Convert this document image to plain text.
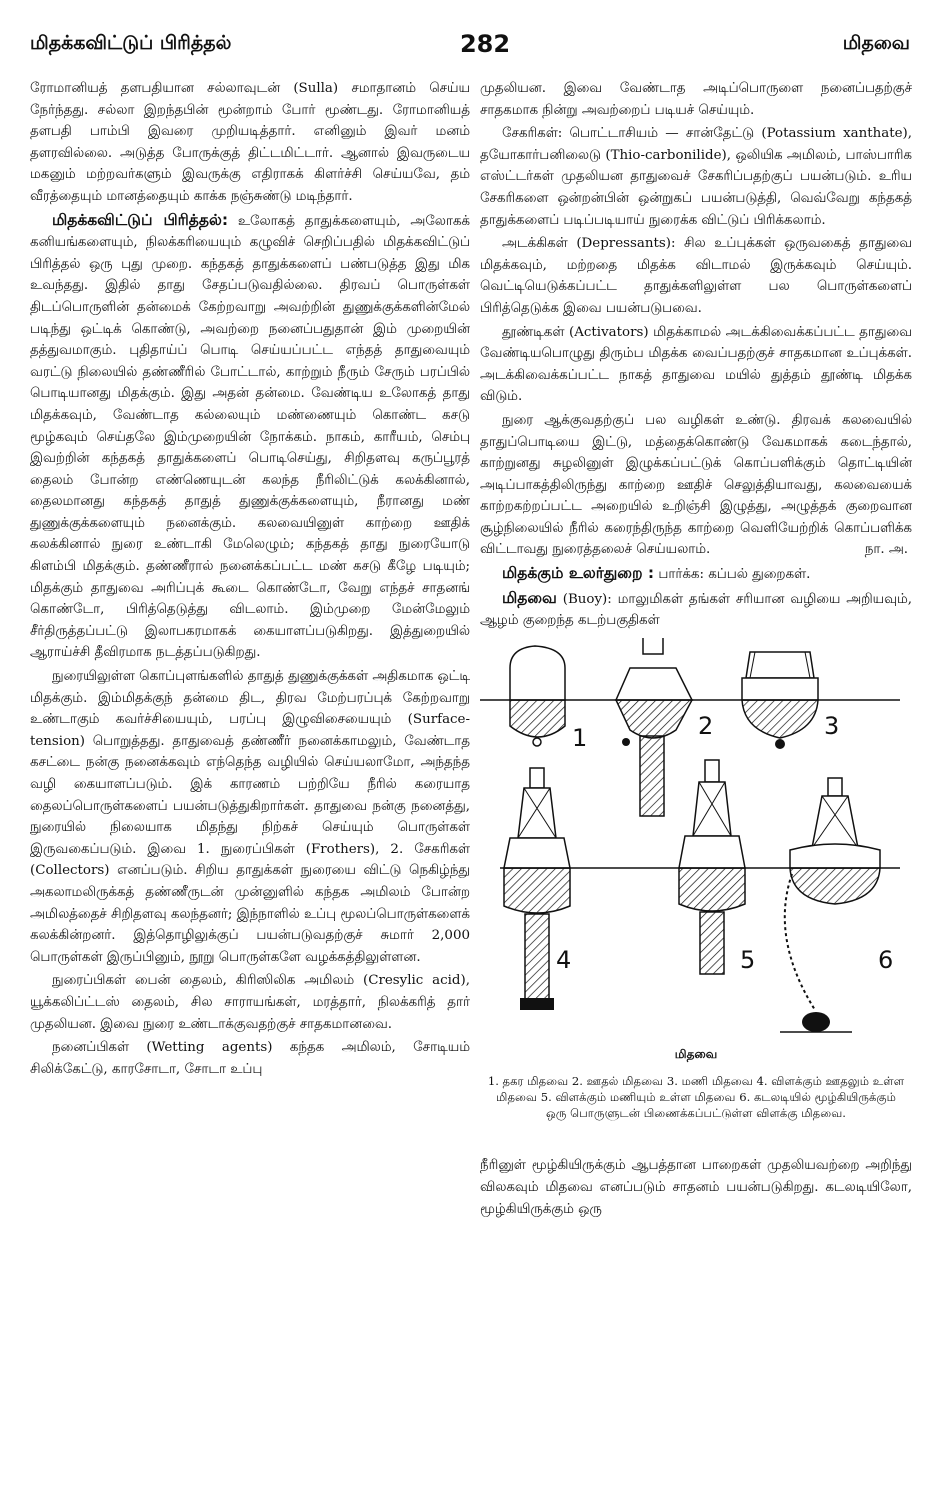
மிதக்கவிட்டுப் பிரித்தல்	282	மிதவை

ரோமானியத் தளபதியான சல்லாவுடன் (Sulla) சமாதானம் செய்ய நேர்ந்தது. சல்லா இறந்தபின் மூன்றாம் போர் மூண்டது. ரோமானியத் தளபதி பாம்பி இவரை முறியடித்தார். எனினும் இவர் மனம் தளரவில்லை. அடுத்த போருக்குத் திட்டமிட்டார். ஆனால் இவருடைய மகனும் மற்றவர்களும் இவருக்கு எதிராகக் கிளர்ச்சி செய்யவே, தம் வீரத்தையும் மானத்தையும் காக்க நஞ்சுண்டு மடிந்தார்.

மிதக்கவிட்டுப் பிரித்தல்: உலோகத் தாதுக்களையும், அலோகக் கனியங்களையும், நிலக்கரியையும் கழுவிச் செறிப்பதில் மிதக்கவிட்டுப் பிரித்தல் ஒரு புது முறை. கந்தகத் தாதுக்களைப் பண்படுத்த இது மிக உவந்தது. இதில் தாது சேதப்படுவதில்லை. திரவப் பொருள்கள் திடப்பொருளின் தன்மைக் கேற்றவாறு அவற்றின் துணுக்குக்களின்மேல் படிந்து ஒட்டிக் கொண்டு, அவற்றை நனைப்பதுதான் இம் முறையின் தத்துவமாகும். புதிதாய்ப் பொடி செய்யப்பட்ட எந்தத் தாதுவையும் வரட்டு நிலையில் தண்ணீரில் போட்டால், காற்றும் நீரும் சேரும் பரப்பில் பொடியானது மிதக்கும். இது அதன் தன்மை. வேண்டிய உலோகத் தாது மிதக்கவும், வேண்டாத கல்லையும் மண்ணையும் கொண்ட கசடு மூழ்கவும் செய்தலே இம்முறையின் நோக்கம். நாகம், காரீயம், செம்பு இவற்றின் கந்தகத் தாதுக்களைப் பொடிசெய்து, சிறிதளவு கருப்பூரத் தைலம் போன்ற எண்ணெயுடன் கலந்த நீரிலிட்டுக் கலக்கினால், தைலமானது கந்தகத் தாதுத் துணுக்குக்களையும், நீரானது மண் துணுக்குக்களையும் நனைக்கும். கலவையினுள் காற்றை ஊதிக் கலக்கினால் நுரை உண்டாகி மேலெழும்; கந்தகத் தாது நுரையோடு கிளம்பி மிதக்கும். தண்ணீரால் நனைக்கப்பட்ட மண் கசடு கீழே படியும்; மிதக்கும் தாதுவை அரிப்புக் கூடை கொண்டோ, வேறு எந்தச் சாதனங் கொண்டோ, பிரித்தெடுத்து விடலாம். இம்முறை மேன்மேலும் சீர்திருத்தப்பட்டு இலாபகரமாகக் கையாளப்படுகிறது. இத்துறையில் ஆராய்ச்சி தீவிரமாக நடத்தப்படுகிறது.

நுரையிலுள்ள கொப்புளங்களில் தாதுத் துணுக்குக்கள் அதிகமாக ஒட்டி மிதக்கும். இம்மிதக்குந் தன்மை திட, திரவ மேற்பரப்புக் கேற்றவாறு உண்டாகும் கவர்ச்சியையும், பரப்பு இழுவிசையையும் (Surface-tension) பொறுத்தது. தாதுவைத் தண்ணீர் நனைக்காமலும், வேண்டாத கசட்டை நன்கு நனைக்கவும் எந்தெந்த வழியில் செய்யலாமோ, அந்தந்த வழி கையாளப்படும். இக் காரணம் பற்றியே நீரில் கரையாத தைலப்பொருள்களைப் பயன்படுத்துகிறார்கள். தாதுவை நன்கு நனைத்து, நுரையில் நிலையாக மிதந்து நிற்கச் செய்யும் பொருள்கள் இருவகைப்படும். இவை 1. நுரைப்பிகள் (Frothers), 2. சேகரிகள் (Collectors) எனப்படும். சிறிய தாதுக்கள் நுரையை விட்டு நெகிழ்ந்து அகலாமலிருக்கத் தண்ணீருடன் முன்னுளில் கந்தக அமிலம் போன்ற அமிலத்தைச் சிறிதளவு கலந்தனர்; இந்நாளில் உப்பு மூலப்பொருள்களைக் கலக்கின்றனர். இத்தொழிலுக்குப் பயன்படுவதற்குச் சுமார் 2,000 பொருள்கள் இருப்பினும், நூறு பொருள்களே வழக்கத்திலுள்ளன.

நுரைப்பிகள் பைன் தைலம், கிரிஸிலிக அமிலம் (Cresylic acid), யூக்கலிப்ட்டஸ் தைலம், சில சாராயங்கள், மரத்தார், நிலக்கரித் தார் முதலியன. இவை நுரை உண்டாக்குவதற்குச் சாதகமானவை.

நனைப்பிகள் (Wetting agents) கந்தக அமிலம், சோடியம் சிலிக்கேட்டு, காரசோடா, சோடா உப்பு

முதலியன. இவை வேண்டாத அடிப்பொருளை நனைப்பதற்குச் சாதகமாக நின்று அவற்றைப் படியச் செய்யும்.

சேகரிகள்: பொட்டாசியம் — சான்தேட்டு (Potassium xanthate), தயோகார்பனிலைடு (Thio-carbonilide), ஒலியிக அமிலம், பாஸ்பாரிக எஸ்ட்டர்கள் முதலியன தாதுவைச் சேகரிப்பதற்குப் பயன்படும். உரிய சேகரிகளை ஒன்றன்பின் ஒன்றுகப் பயன்படுத்தி, வெவ்வேறு கந்தகத் தாதுக்களைப் படிப்படியாய் நுரைக்க விட்டுப் பிரிக்கலாம்.

அடக்கிகள் (Depressants): சில உப்புக்கள் ஒருவகைத் தாதுவை மிதக்கவும், மற்றதை மிதக்க விடாமல் இருக்கவும் செய்யும். வெட்டியெடுக்கப்பட்ட தாதுக்களிலுள்ள பல பொருள்களைப் பிரித்தெடுக்க இவை பயன்படுபவை.

தூண்டிகள் (Activators) மிதக்காமல் அடக்கிவைக்கப்பட்ட தாதுவை வேண்டியபொழுது திரும்ப மிதக்க வைப்பதற்குச் சாதகமான உப்புக்கள். அடக்கிவைக்கப்பட்ட நாகத் தாதுவை மயில் துத்தம் தூண்டி மிதக்க விடும்.

நுரை ஆக்குவதற்குப் பல வழிகள் உண்டு. திரவக் கலவையில் தாதுப்பொடியை இட்டு, மத்தைக்கொண்டு வேகமாகக் கடைந்தால், காற்றுனது சுழலினுள் இழுக்கப்பட்டுக் கொப்பளிக்கும் தொட்டியின் அடிப்பாகத்திலிருந்து காற்றை ஊதிச் செலுத்தியாவது, கலவையைக் காற்றகற்றப்பட்ட அறையில் உறிஞ்சி இழுத்து, அழுத்தக் குறைவான சூழ்நிலையில் நீரில் கரைந்திருந்த காற்றை வெளியேற்றிக் கொப்பளிக்க விட்டாவது நுரைத்தலைச் செய்யலாம்.	நா. அ.

மிதக்கும் உலர்துறை : பார்க்க: கப்பல் துறைகள்.

மிதவை (Buoy): மாலுமிகள் தங்கள் சரியான வழியை அறியவும், ஆழம் குறைந்த கடற்பகுதிகள்

1	2	3
4	5	6
மிதவை
1. தகர மிதவை 2. ஊதல் மிதவை 3. மணி மிதவை 4. விளக்கும் ஊதலும் உள்ள மிதவை 5. விளக்கும் மணியும் உள்ள மிதவை 6. கடலடியில் மூழ்கியிருக்கும் ஒரு பொருளுடன் பிணைக்கப்பட்டுள்ள விளக்கு மிதவை.

நீரினுள் மூழ்கியிருக்கும் ஆபத்தான பாறைகள் முதலியவற்றை அறிந்து விலகவும் மிதவை எனப்படும் சாதனம் பயன்படுகிறது. கடலடியிலோ, மூழ்கியிருக்கும் ஒரு
